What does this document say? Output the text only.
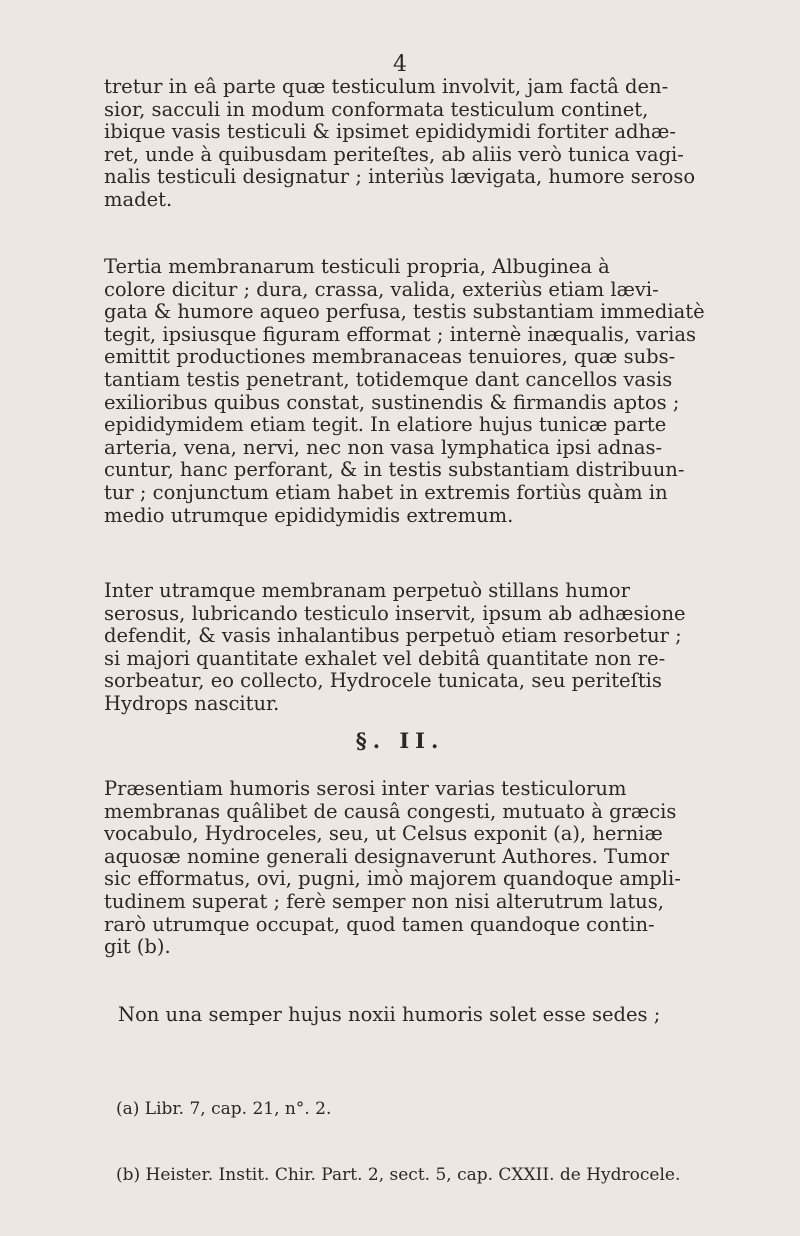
4
tretur in eâ parte quæ testiculum involvit, jam factâ den-
sior, sacculi in modum conformata testiculum continet,
ibique vasis testiculi & ipsimet epididymidi fortiter adhæ-
ret, unde à quibusdam periteſtes, ab aliis verò tunica vagi-
nalis testiculi designatur ; interiùs lævigata, humore seroso
madet.
Tertia membranarum testiculi propria, Albuginea à
colore dicitur ; dura, crassa, valida, exteriùs etiam lævi-
gata & humore aqueo perfusa, testis substantiam immediatè
tegit, ipsiusque figuram efformat ; internè inæqualis, varias
emittit productiones membranaceas tenuiores, quæ subs-
tantiam testis penetrant, totidemque dant cancellos vasis
exilioribus quibus constat, sustinendis & firmandis aptos ;
epididymidem etiam tegit. In elatiore hujus tunicæ parte
arteria, vena, nervi, nec non vasa lymphatica ipsi adnas-
cuntur, hanc perforant, & in testis substantiam distribuun-
tur ; conjunctum etiam habet in extremis fortiùs quàm in
medio utrumque epididymidis extremum.
Inter utramque membranam perpetuò stillans humor
serosus, lubricando testiculo inservit, ipsum ab adhæsione
defendit, & vasis inhalantibus perpetuò etiam resorbetur ;
si majori quantitate exhalet vel debitâ quantitate non re-
sorbeatur, eo collecto, Hydrocele tunicata, seu periteſtis
Hydrops nascitur.
§. II.
Præsentiam humoris serosi inter varias testiculorum
membranas quâlibet de causâ congesti, mutuato à græcis
vocabulo, Hydroceles, seu, ut Celsus exponit (a), herniæ
aquosæ nomine generali designaverunt Authores. Tumor
sic efformatus, ovi, pugni, imò majorem quandoque ampli-
tudinem superat ; ferè semper non nisi alterutrum latus,
rarò utrumque occupat, quod tamen quandoque contin-
git (b).
Non una semper hujus noxii humoris solet esse sedes ;

(a) Libr. 7, cap. 21, n°. 2.

(b) Heister. Instit. Chir. Part. 2, sect. 5, cap. CXXII. de Hydrocele.
